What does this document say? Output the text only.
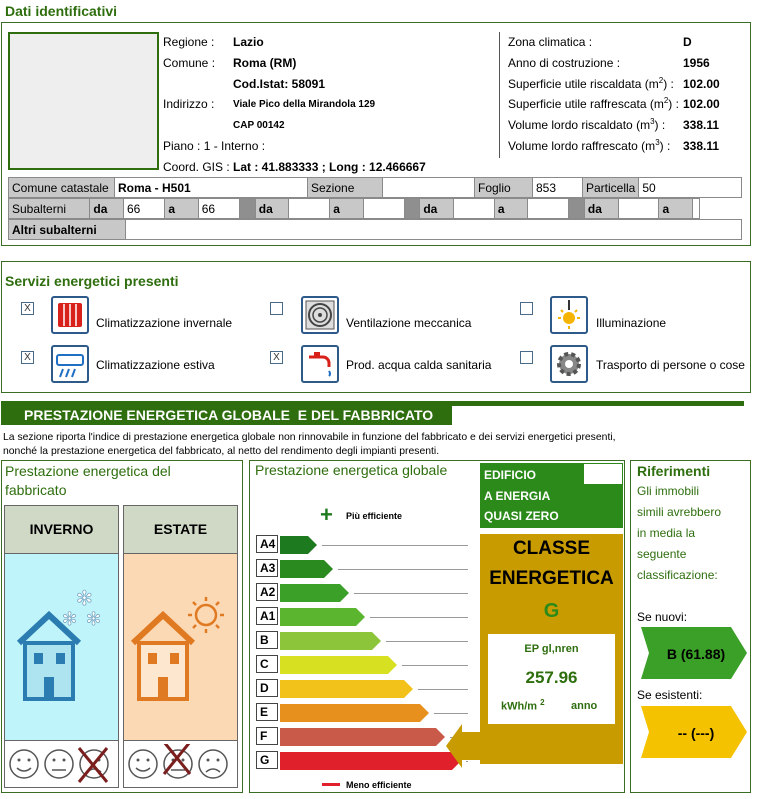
Dati identificativi
Regione : Lazio
Comune : Roma (RM)
Cod.Istat: 58091
Indirizzo : Viale Pico della Mirandola 129
CAP 00142
Piano : 1 - Interno :
Coord. GIS : Lat : 41.883333 ; Long : 12.466667
Zona climatica :	D
Anno di costruzione :	1956
Superficie utile riscaldata $(m^2)$ : 102.00
Superficie utile raffrescata $(m^2)$ : 102.00
Volume lordo riscaldato $(m^3)$ : 338.11
Volume lordo raffrescato $(m^3)$ : 338.11
Comune catastale	Roma - H501	Sezione		Foglio	853	Particella	50
Subalterni	da	66	a	66		da		a			da		a			da		a	
Altri subalterni	
Servizi energetici presenti
X
Climatizzazione invernale	Ventilazione meccanica	Illuminazione
X
Climatizzazione estiva
X
Prod. acqua calda sanitaria	Trasporto di persone o cose
PRESTAZIONE ENERGETICA GLOBALE  E DEL FABBRICATO
La sezione riporta l'indice di prestazione energetica globale non rinnovabile in funzione del fabbricato e dei servizi energetici presenti,
nonché la prestazione energetica del fabbricato, al netto del rendimento degli impianti presenti.
Prestazione energetica del fabbricato
INVERNO
✻
✻ ✻
ESTATE
Prestazione energetica globale
+ Più efficiente
A4
A3
A2
A1
B
C
D
E
F
G
Meno efficiente
EDIFICIO
A ENERGIA
QUASI ZERO
CLASSE
ENERGETICA
G
EP gl,nren
257.96
kWh/m $^2$ anno
Riferimenti
Gli immobili
simili avrebbero
in media la
seguente
classificazione:
Se nuovi:
B (61.88)
Se esistenti:
-- (---)
